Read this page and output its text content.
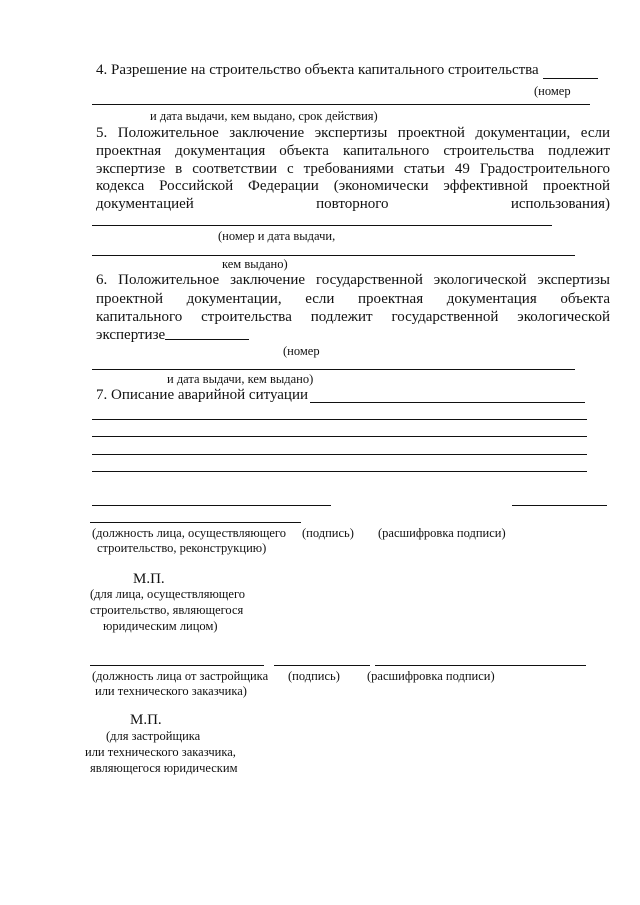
4. Разрешение на строительство объекта капитального строительства
(номер
и дата выдачи, кем выдано, срок действия)
5. Положительное заключение экспертизы проектной документации, если
проектная документация объекта капитального строительства подлежит
экспертизе в соответствии с требованиями статьи 49 Градостроительного
кодекса Российской Федерации (экономически эффективной проектной
документацией повторного использования)
(номер и дата выдачи,
кем выдано)
6. Положительное заключение государственной экологической экспертизы
проектной документации, если проектная документация объекта
капитального строительства подлежит государственной экологической
экспертизе
(номер
и дата выдачи, кем выдано)
7. Описание аварийной ситуации
(должность лица, осуществляющего (подпись) (расшифровка подписи)
строительство, реконструкцию)
М.П.
(для лица, осуществляющего
строительство, являющегося
юридическим лицом)
(должность лица от застройщика (подпись) (расшифровка подписи)
или технического заказчика)
М.П.
(для застройщика
или технического заказчика,
являющегося юридическим
